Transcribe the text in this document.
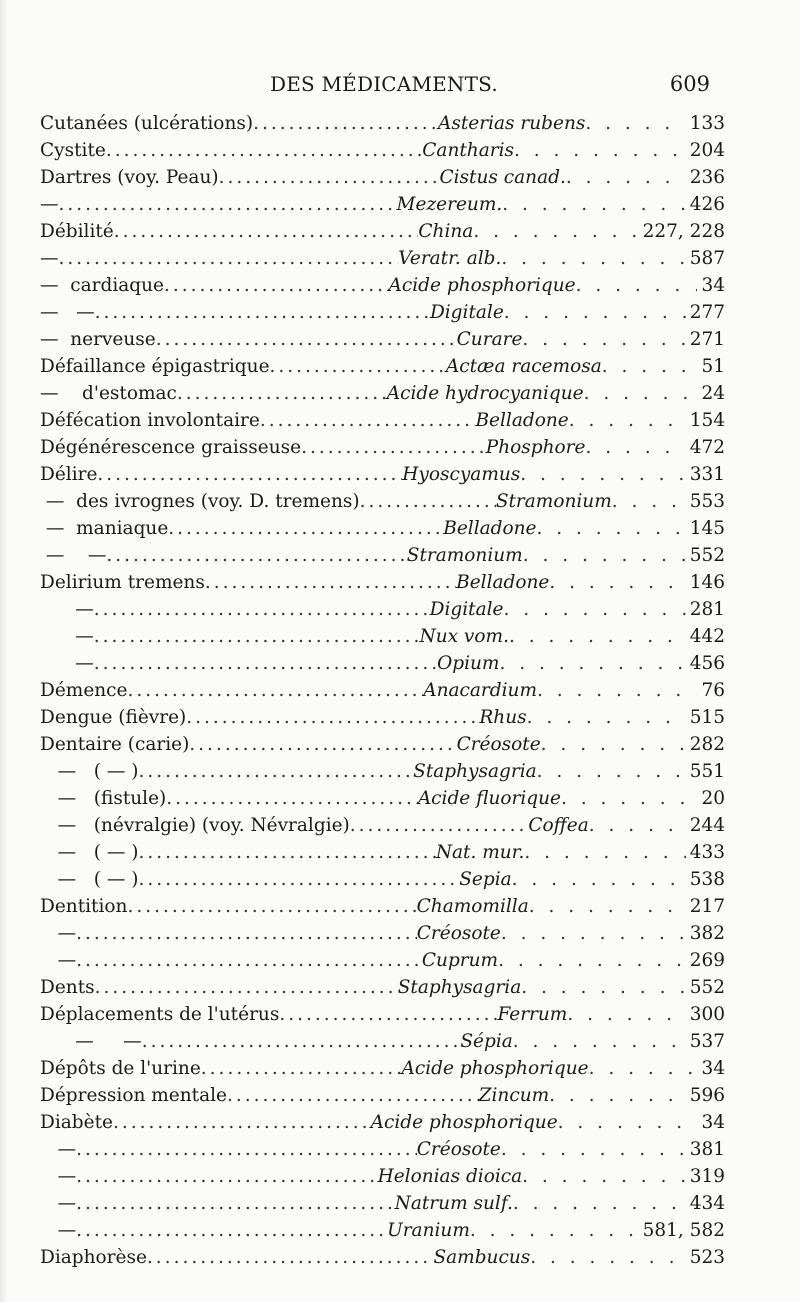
DES MÉDICAMENTS.	609
Cutanées (ulcérations) .....	Asterias rubens . . .	133
Cystite .....	Cantharis . . .	204
Dartres (voy. Peau) .....	Cistus canad. . . .	236
— .....	Mezereum. . . .	426
Débilité .....	China . . .	227, 228
— .....	Veratr. alb. . . .	587
—  cardiaque .....	Acide phosphorique . . .	34
—   — .....	Digitale . . .	277
—  nerveuse .....	Curare . . .	271
Défaillance épigastrique .....	Actæa racemosa . . .	51
—    d'estomac .....	Acide hydrocyanique . . .	24
Défécation involontaire .....	Belladone . . .	154
Dégénérescence graisseuse .....	Phosphore . . .	472
Délire .....	Hyoscyamus . . .	331
—  des ivrognes (voy. D. tremens) .....	Stramonium . . .	553
—  maniaque .....	Belladone . . .	145
—    — .....	Stramonium . . .	552
Delirium tremens .....	Belladone . . .	146
— .....	Digitale . . .	281
— .....	Nux vom. . . .	442
— .....	Opium . . .	456
Démence .....	Anacardium . . .	76
Dengue (fièvre) .....	Rhus . . .	515
Dentaire (carie) .....	Créosote . . .	282
—   ( — ) .....	Staphysagria . . .	551
—   (fistule) .....	Acide fluorique . . .	20
—   (névralgie) (voy. Névralgie) .....	Coffea . . .	244
—   ( — ) .....	Nat. mur. . . .	433
—   ( — ) .....	Sepia . . .	538
Dentition .....	Chamomilla . . .	217
— .....	Créosote . . .	382
— .....	Cuprum . . .	269
Dents .....	Staphysagria . . .	552
Déplacements de l'utérus .....	Ferrum . . .	300
—     — .....	Sépia . . .	537
Dépôts de l'urine .....	Acide phosphorique . . .	34
Dépression mentale .....	Zincum . . .	596
Diabète .....	Acide phosphorique . . .	34
— .....	Créosote . . .	381
— .....	Helonias dioica . . .	319
— .....	Natrum sulf. . . .	434
— .....	Uranium . . .	581, 582
Diaphorèse .....	Sambucus . . .	523
